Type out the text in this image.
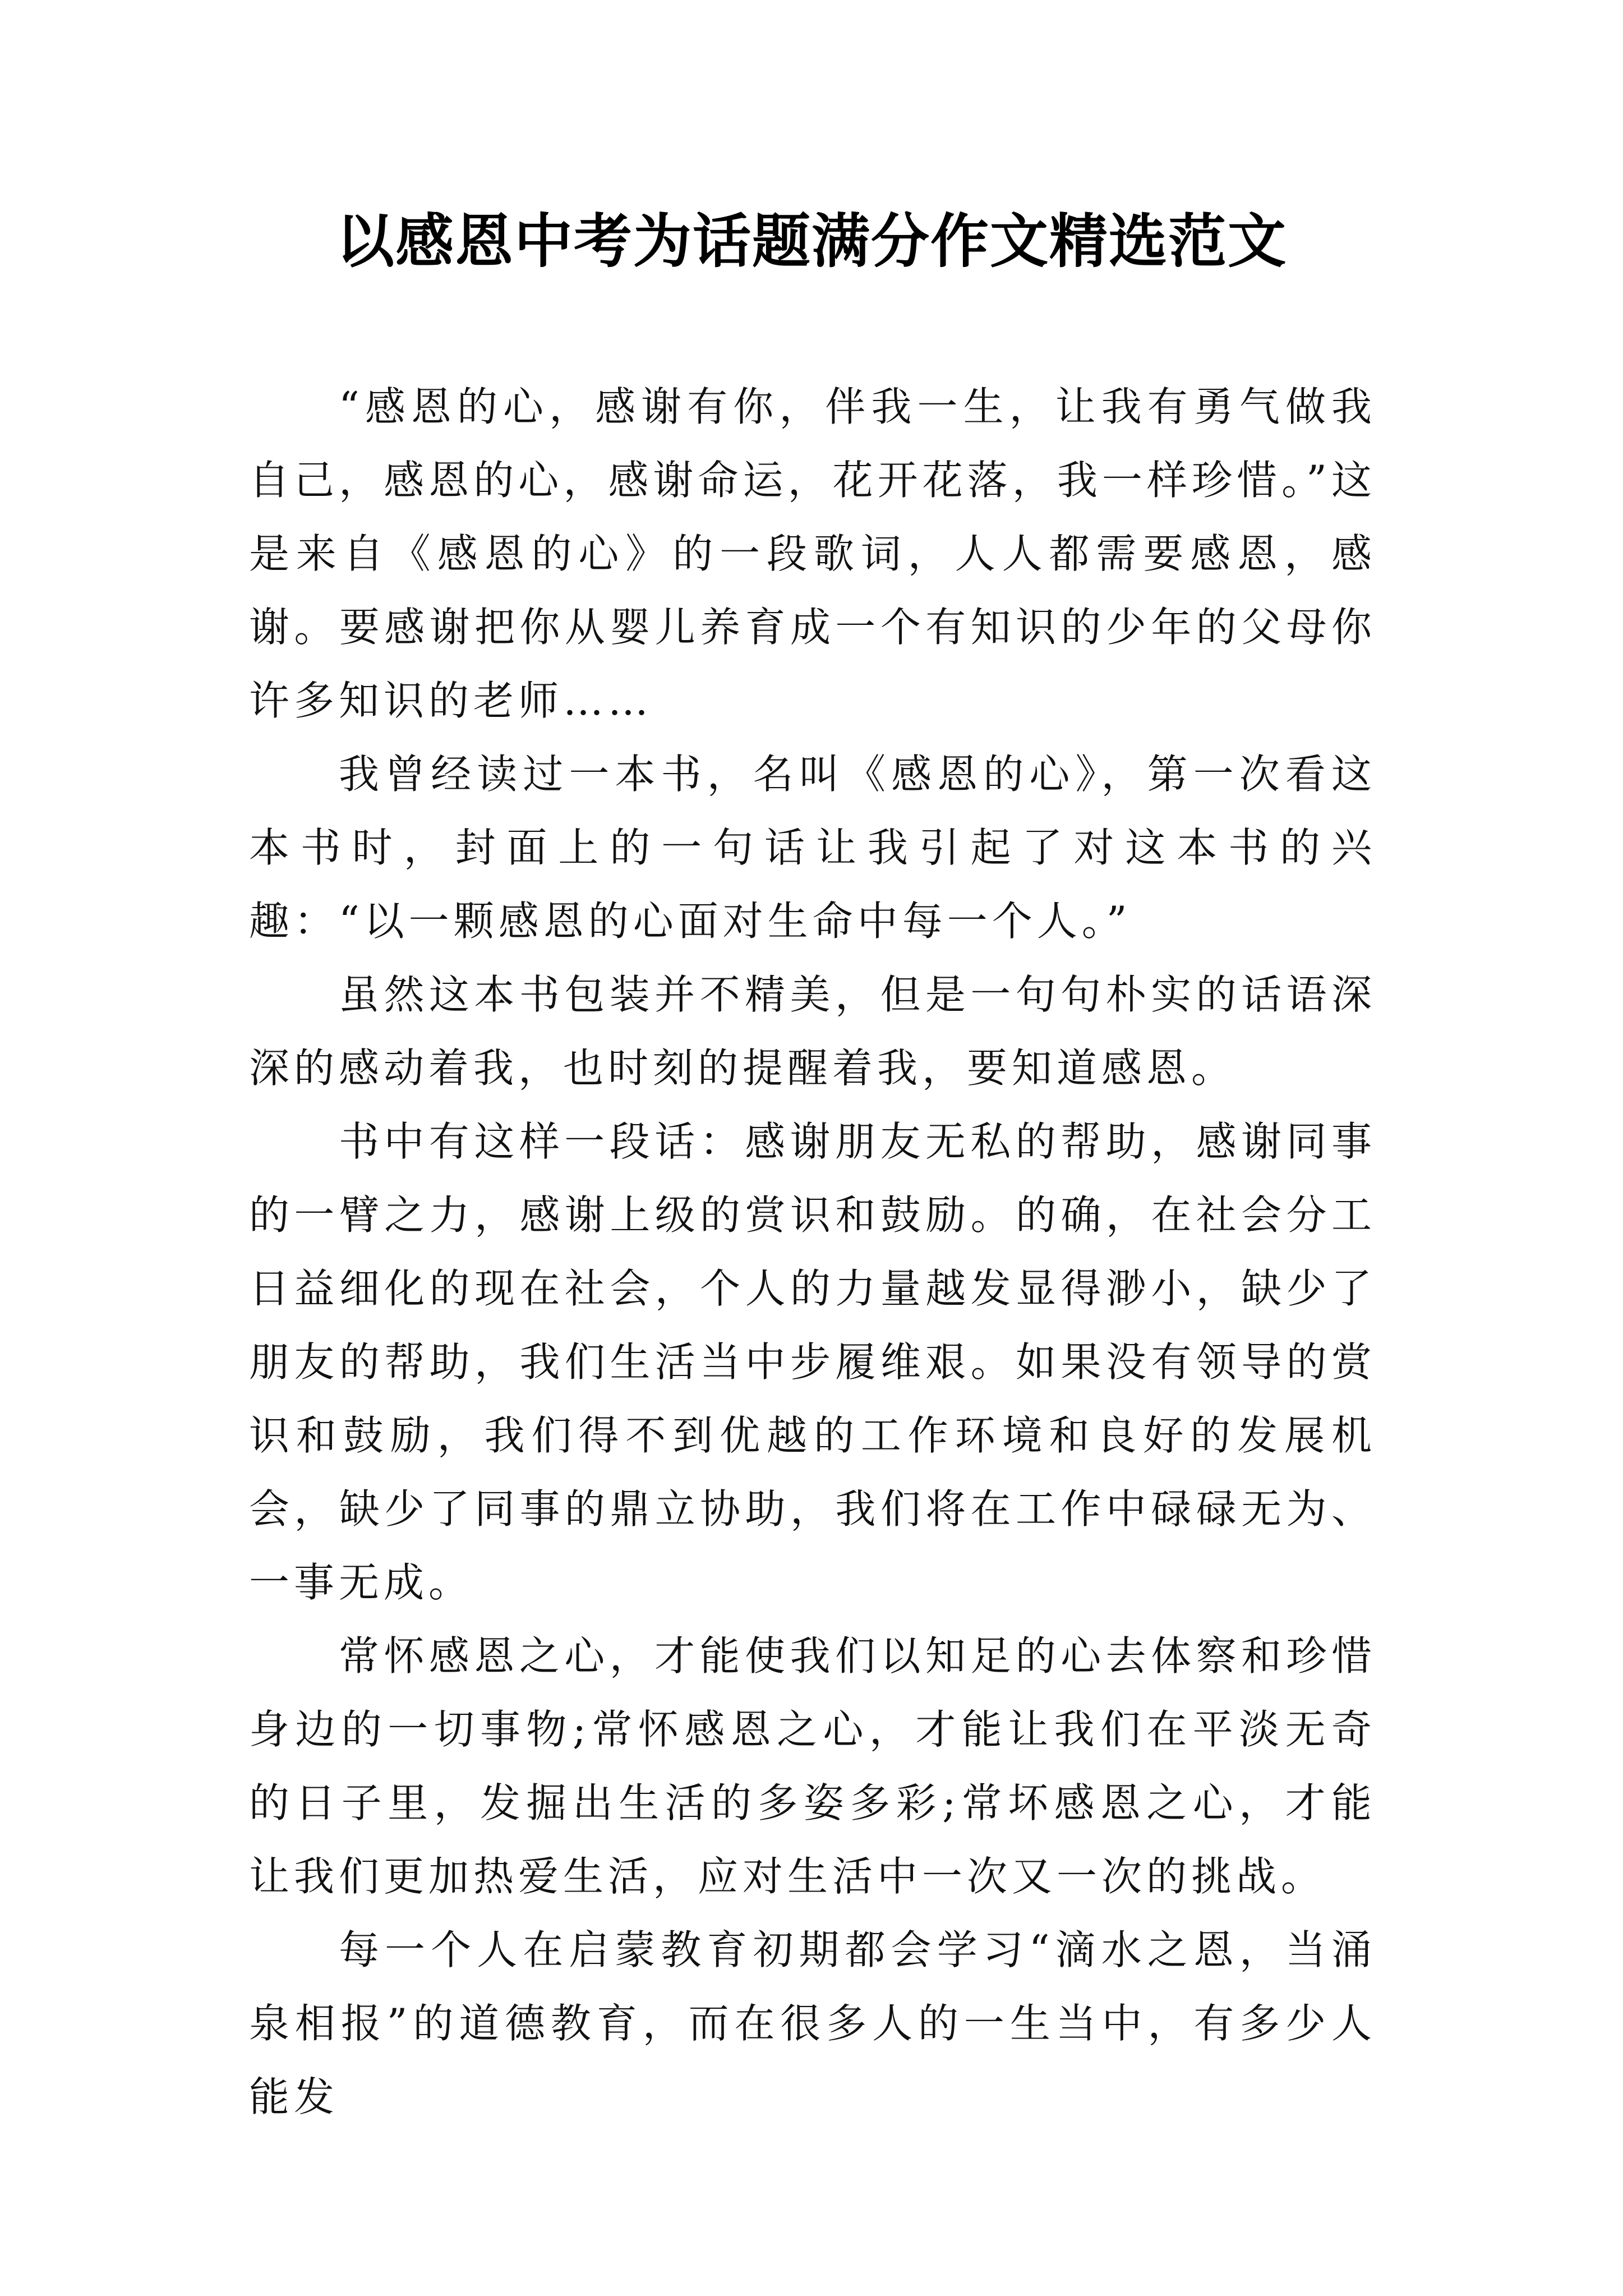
以感恩中考为话题满分作文精选范文

“感恩的心，感谢有你，伴我一生，让我有勇气做我自己，感恩的心，感谢命运，花开花落，我一样珍惜。”这是来自《感恩的心》的一段歌词，人人都需要感恩，感谢。要感谢把你从婴儿养育成一个有知识的少年的父母你许多知识的老师……

我曾经读过一本书，名叫《感恩的心》，第一次看这本书时，封面上的一句话让我引起了对这本书的兴趣：“以一颗感恩的心面对生命中每一个人。”

虽然这本书包装并不精美，但是一句句朴实的话语深深的感动着我，也时刻的提醒着我，要知道感恩。

书中有这样一段话：感谢朋友无私的帮助，感谢同事的一臂之力，感谢上级的赏识和鼓励。的确，在社会分工日益细化的现在社会，个人的力量越发显得渺小，缺少了朋友的帮助，我们生活当中步履维艰。如果没有领导的赏识和鼓励，我们得不到优越的工作环境和良好的发展机会，缺少了同事的鼎立协助，我们将在工作中碌碌无为、一事无成。

常怀感恩之心，才能使我们以知足的心去体察和珍惜身边的一切事物;常怀感恩之心，才能让我们在平淡无奇的日子里，发掘出生活的多姿多彩;常坏感恩之心，才能让我们更加热爱生活，应对生活中一次又一次的挑战。

每一个人在启蒙教育初期都会学习“滴水之恩，当涌泉相报”的道德教育，而在很多人的一生当中，有多少人能发
